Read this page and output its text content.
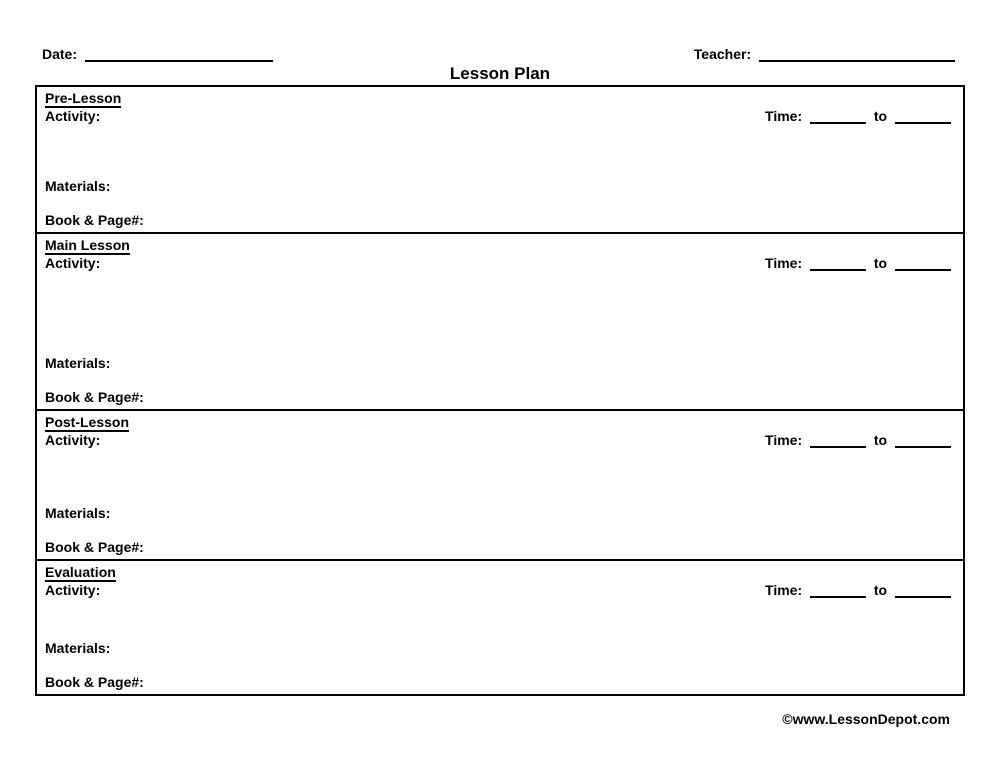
Date:	Teacher:
Lesson Plan
Pre-Lesson
Activity:	Time:	to
Materials:
Book & Page#:
Main Lesson
Activity:	Time:	to
Materials:
Book & Page#:
Post-Lesson
Activity:	Time:	to
Materials:
Book & Page#:
Evaluation
Activity:	Time:	to
Materials:
Book & Page#:
©www.LessonDepot.com
